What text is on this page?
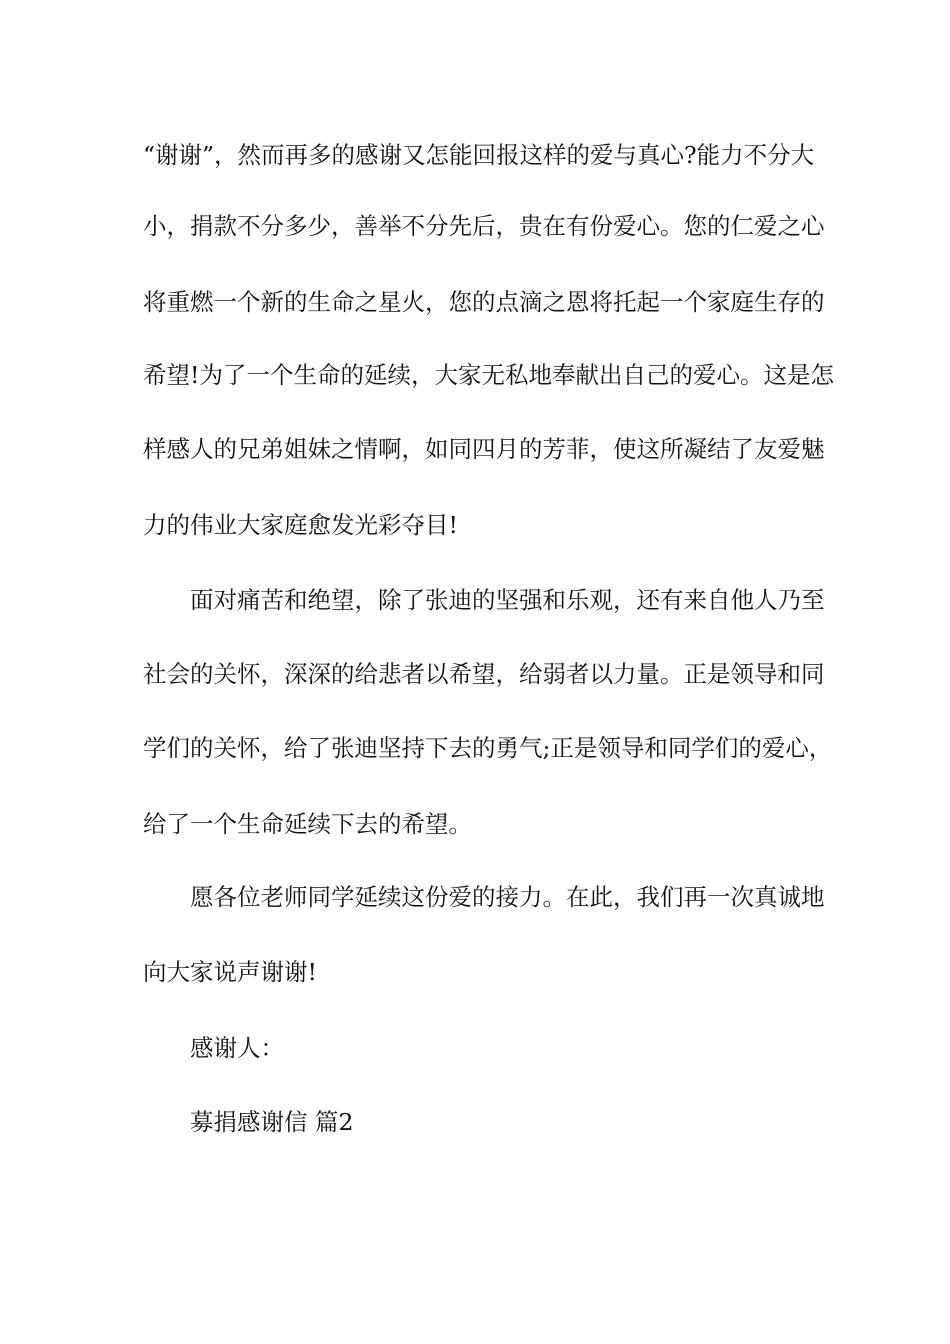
“谢谢”，然而再多的感谢又怎能回报这样的爱与真心?能力不分大
小，捐款不分多少，善举不分先后，贵在有份爱心。您的仁爱之心
将重燃一个新的生命之星火，您的点滴之恩将托起一个家庭生存的
希望!为了一个生命的延续，大家无私地奉献出自己的爱心。这是怎
样感人的兄弟姐妹之情啊，如同四月的芳菲，使这所凝结了友爱魅
力的伟业大家庭愈发光彩夺目!
面对痛苦和绝望，除了张迪的坚强和乐观，还有来自他人乃至
社会的关怀，深深的给悲者以希望，给弱者以力量。正是领导和同
学们的关怀，给了张迪坚持下去的勇气;正是领导和同学们的爱心，
给了一个生命延续下去的希望。
愿各位老师同学延续这份爱的接力。在此，我们再一次真诚地
向大家说声谢谢!
感谢人：
募捐感谢信 篇2
